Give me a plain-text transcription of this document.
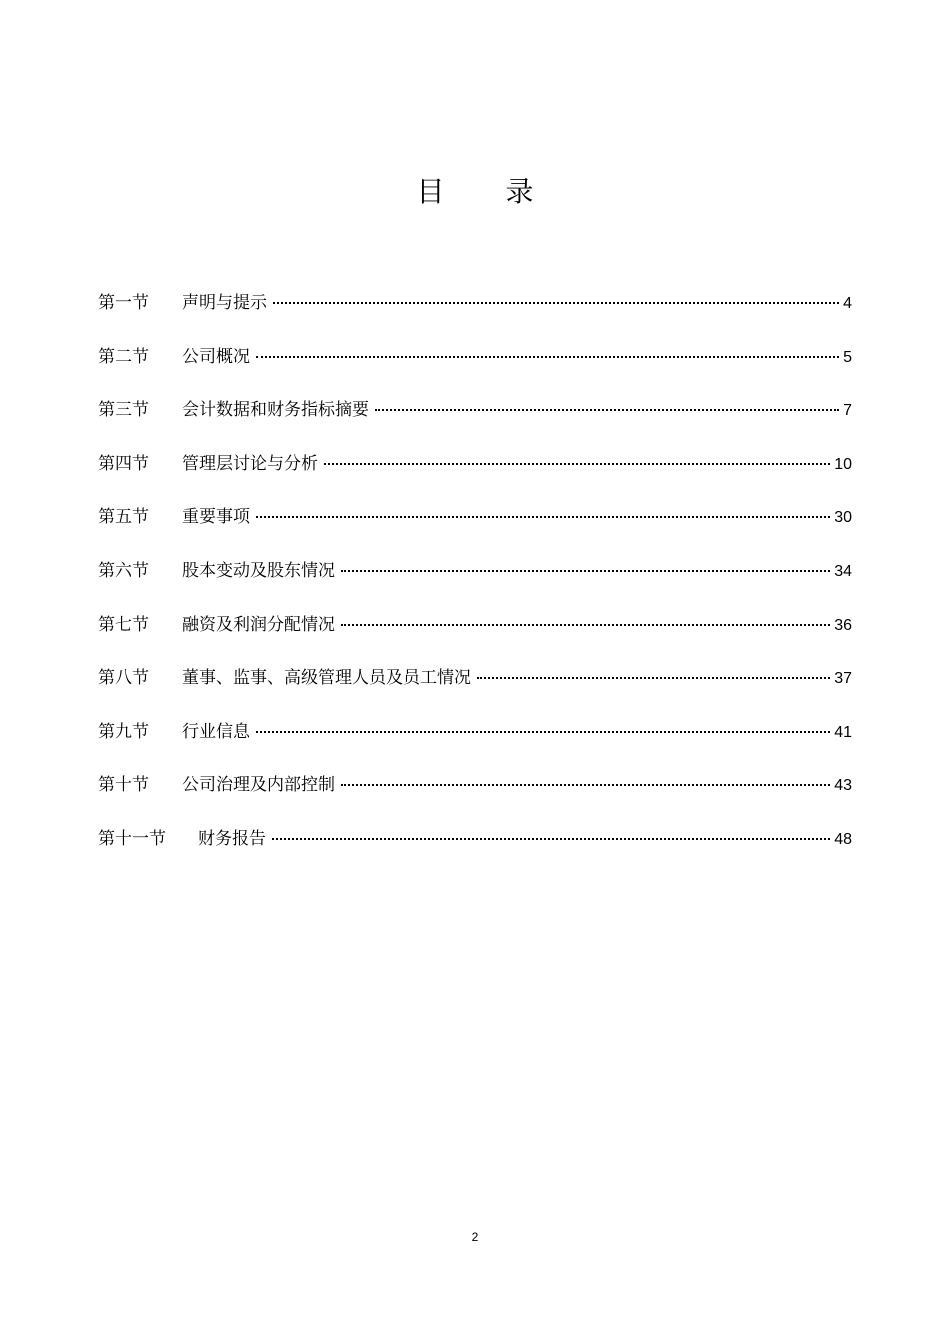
目 录
第一节	声明与提示	4
第二节	公司概况	5
第三节	会计数据和财务指标摘要	7
第四节	管理层讨论与分析	10
第五节	重要事项	30
第六节	股本变动及股东情况	34
第七节	融资及利润分配情况	36
第八节	董事、监事、高级管理人员及员工情况	37
第九节	行业信息	41
第十节	公司治理及内部控制	43
第十一节	财务报告	48
2
